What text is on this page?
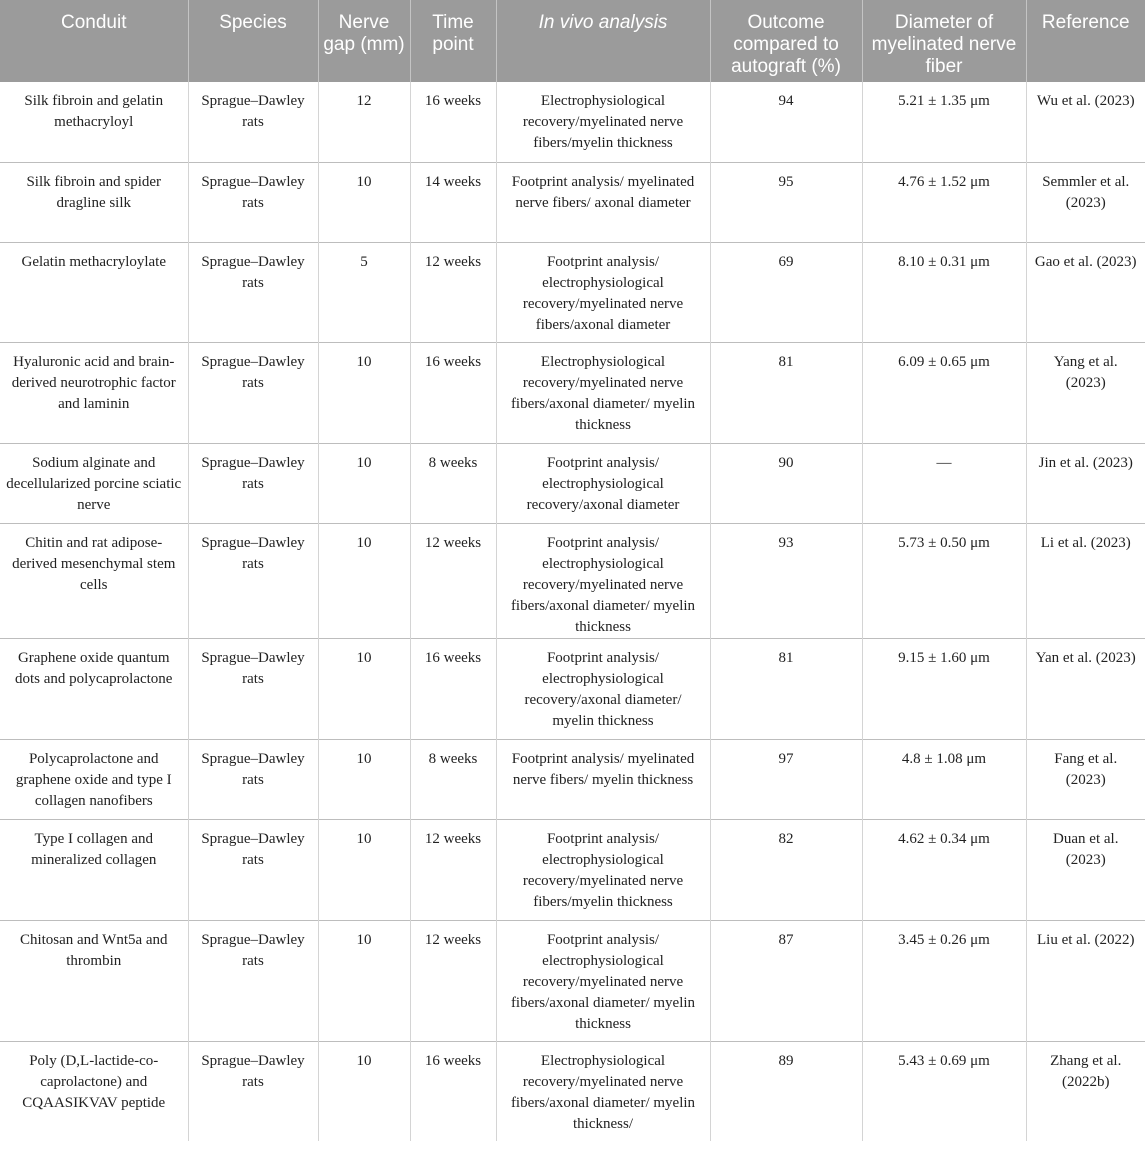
Conduit	Species	Nerve gap (mm)	Time point	In vivo analysis	Outcome compared to autograft (%)	Diameter of myelinated nerve fiber	Reference
Silk fibroin and gelatin methacryloyl	Sprague–Dawley rats	12	16 weeks	Electrophysiological recovery/myelinated nerve fibers/myelin thickness	94	5.21 ± 1.35 μm	Wu et al. (2023)
Silk fibroin and spider dragline silk	Sprague–Dawley rats	10	14 weeks	Footprint analysis/ myelinated nerve fibers/ axonal diameter	95	4.76 ± 1.52 μm	Semmler et al. (2023)
Gelatin methacryloylate	Sprague–Dawley rats	5	12 weeks	Footprint analysis/ electrophysiological recovery/myelinated nerve fibers/axonal diameter	69	8.10 ± 0.31 μm	Gao et al. (2023)
Hyaluronic acid and brain-derived neurotrophic factor and laminin	Sprague–Dawley rats	10	16 weeks	Electrophysiological recovery/myelinated nerve fibers/axonal diameter/ myelin thickness	81	6.09 ± 0.65 μm	Yang et al. (2023)
Sodium alginate and decellularized porcine sciatic nerve	Sprague–Dawley rats	10	8 weeks	Footprint analysis/ electrophysiological recovery/axonal diameter	90	—	Jin et al. (2023)
Chitin and rat adipose-derived mesenchymal stem cells	Sprague–Dawley rats	10	12 weeks	Footprint analysis/ electrophysiological recovery/myelinated nerve fibers/axonal diameter/ myelin thickness	93	5.73 ± 0.50 μm	Li et al. (2023)
Graphene oxide quantum dots and polycaprolactone	Sprague–Dawley rats	10	16 weeks	Footprint analysis/ electrophysiological recovery/axonal diameter/ myelin thickness	81	9.15 ± 1.60 μm	Yan et al. (2023)
Polycaprolactone and graphene oxide and type I collagen nanofibers	Sprague–Dawley rats	10	8 weeks	Footprint analysis/ myelinated nerve fibers/ myelin thickness	97	4.8 ± 1.08 μm	Fang et al. (2023)
Type I collagen and mineralized collagen	Sprague–Dawley rats	10	12 weeks	Footprint analysis/ electrophysiological recovery/myelinated nerve fibers/myelin thickness	82	4.62 ± 0.34 μm	Duan et al. (2023)
Chitosan and Wnt5a and thrombin	Sprague–Dawley rats	10	12 weeks	Footprint analysis/ electrophysiological recovery/myelinated nerve fibers/axonal diameter/ myelin thickness	87	3.45 ± 0.26 μm	Liu et al. (2022)
Poly (D,L-lactide-co-caprolactone) and CQAASIKVAV peptide	Sprague–Dawley rats	10	16 weeks	Electrophysiological recovery/myelinated nerve fibers/axonal diameter/ myelin thickness/	89	5.43 ± 0.69 μm	Zhang et al. (2022b)
